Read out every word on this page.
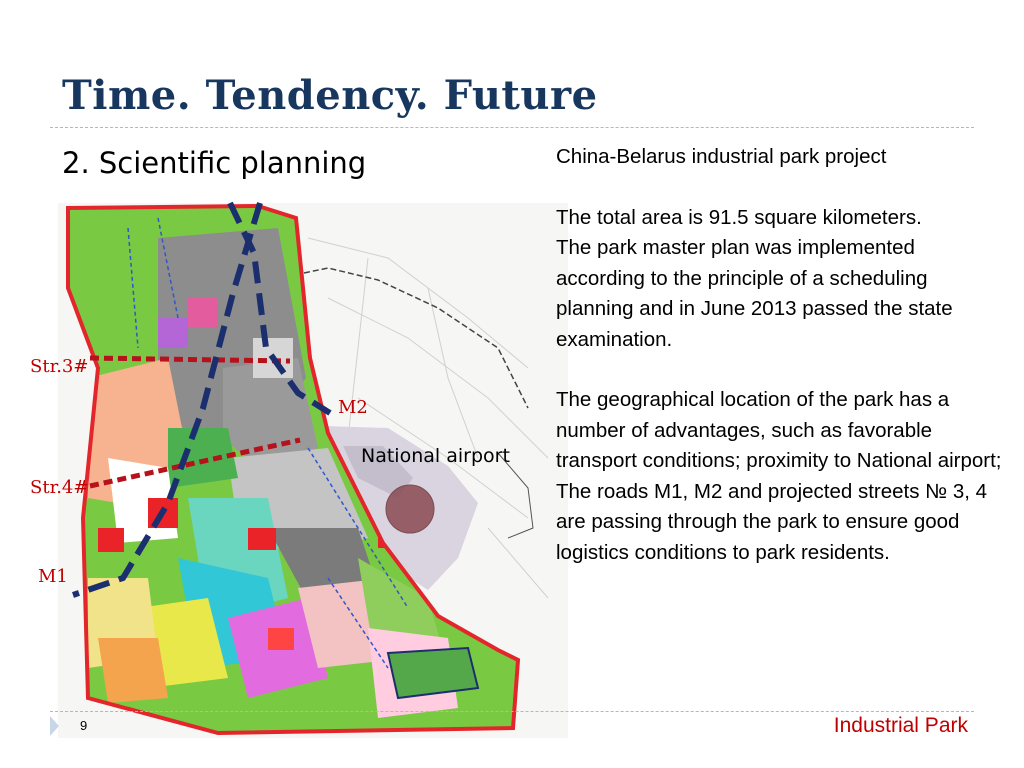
Time. Tendency. Future
2. Scientific planning
Str.3#
Str.4#
M1
M2
National airport

China-Belarus industrial park project

The total area is 91.5 square kilometers.

The park master plan was implemented according to the principle of a scheduling planning and in June 2013 passed the state examination.

The geographical location of the park has a number of advantages, such as favorable transport conditions; proximity to National airport;

The roads M1, M2 and projected streets № 3, 4 are passing through the park to ensure good logistics conditions to park residents.

9	Industrial Park
